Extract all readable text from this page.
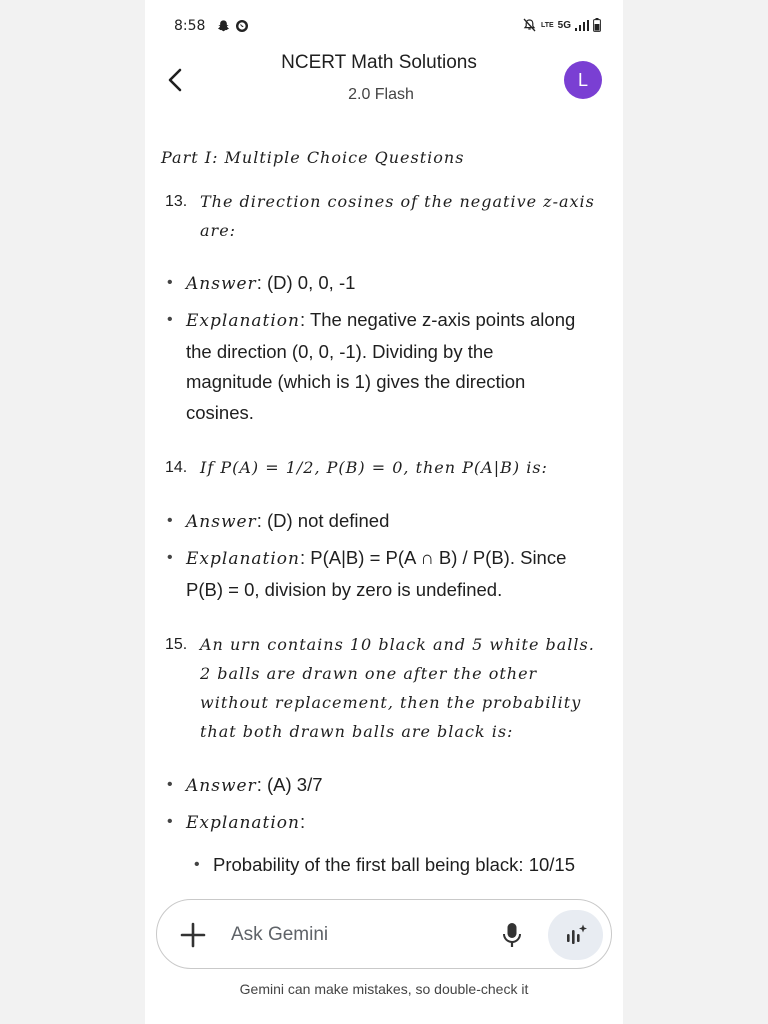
8:58	LTE 5G
NCERT Math Solutions
2.0 Flash
L
Part I: Multiple Choice Questions
13. The direction cosines of the negative z-axis
are:
• Answer: (D) 0, 0, -1
• Explanation: The negative z-axis points along
the direction (0, 0, -1). Dividing by the
magnitude (which is 1) gives the direction
cosines.
14. If P(A) = 1/2, P(B) = 0, then P(A|B) is:
• Answer: (D) not defined
• Explanation: P(A|B) = P(A ∩ B) / P(B). Since
P(B) = 0, division by zero is undefined.
15. An urn contains 10 black and 5 white balls.
2 balls are drawn one after the other
without replacement, then the probability
that both drawn balls are black is:
• Answer: (A) 3/7
• Explanation:
• Probability of the first ball being black: 10/15
Ask Gemini
Gemini can make mistakes, so double-check it
